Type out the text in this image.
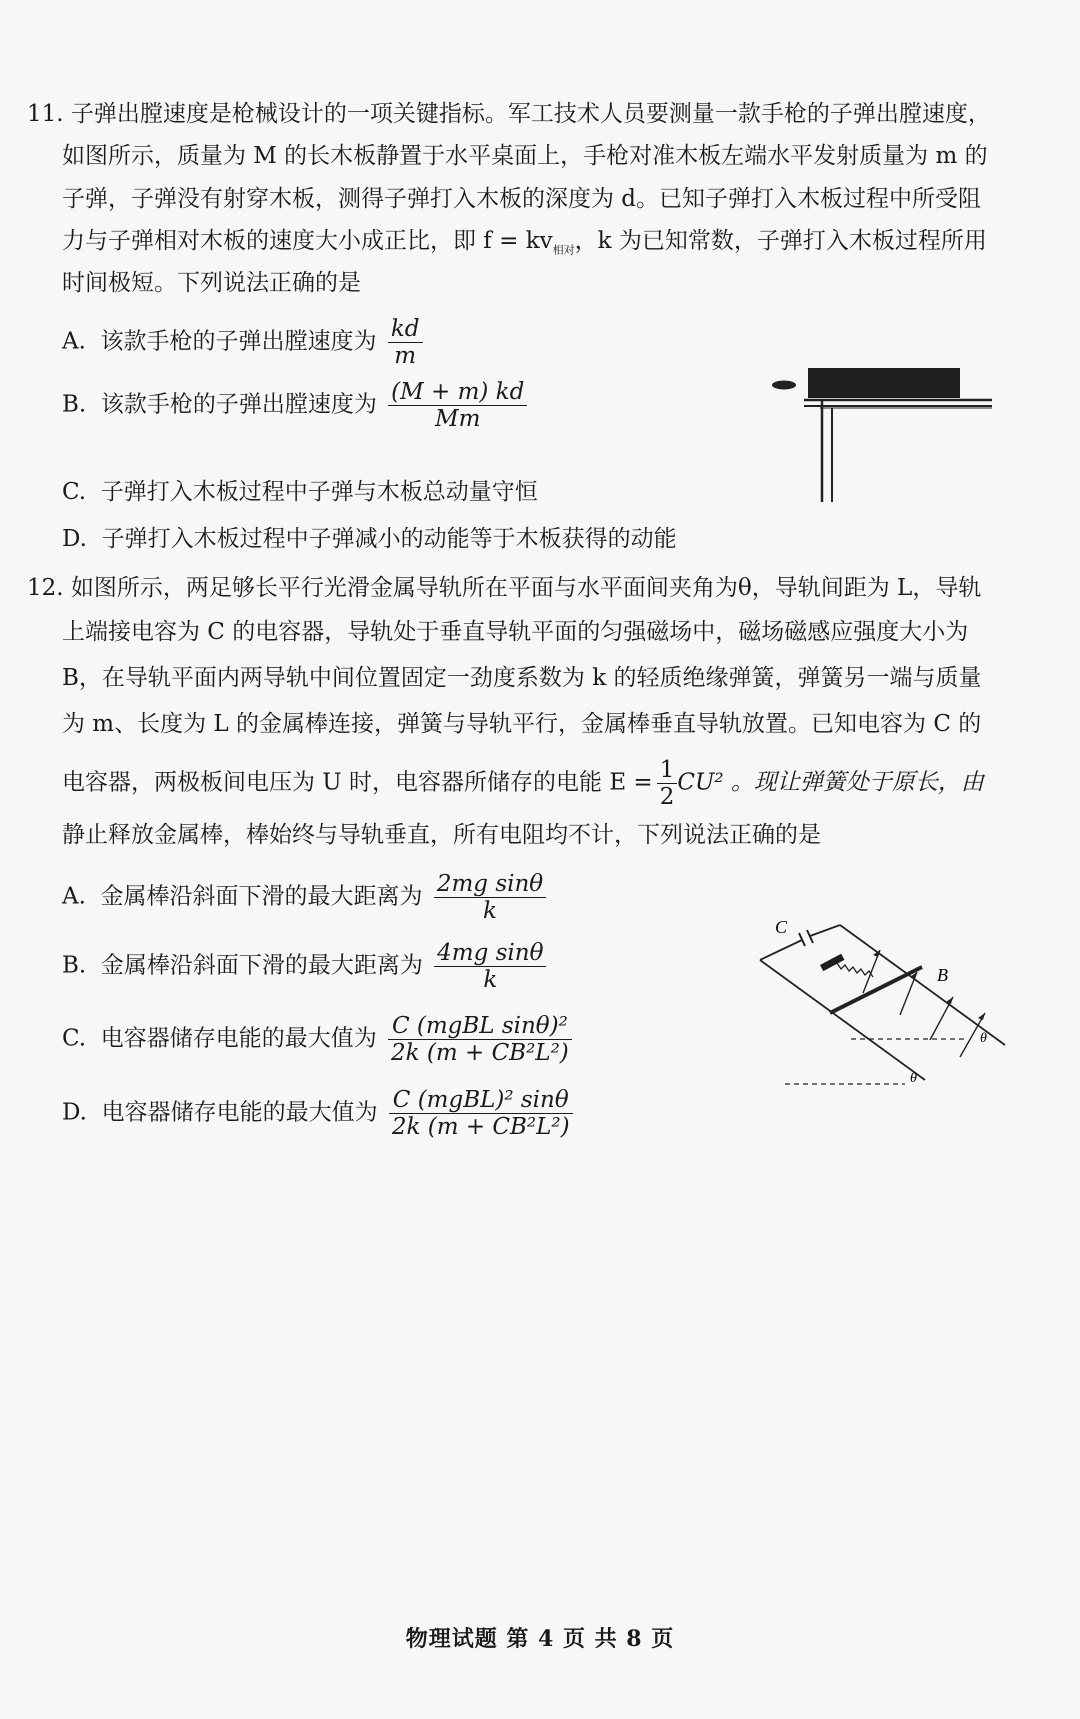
11. 子弹出膛速度是枪械设计的一项关键指标。军工技术人员要测量一款手枪的子弹出膛速度，
如图所示，质量为 M 的长木板静置于水平桌面上，手枪对准木板左端水平发射质量为 m 的
子弹，子弹没有射穿木板，测得子弹打入木板的深度为 d。已知子弹打入木板过程中所受阻
力与子弹相对木板的速度大小成正比，即 $f = kv_{相对}$，k 为已知常数，子弹打入木板过程所用
时间极短。下列说法正确的是
A. 该款手枪的子弹出膛速度为 $\frac{kd}{m}$
B. 该款手枪的子弹出膛速度为 $\frac{(M + m) kd}{Mm}$
C. 子弹打入木板过程中子弹与木板总动量守恒
D. 子弹打入木板过程中子弹减小的动能等于木板获得的动能
12. 如图所示，两足够长平行光滑金属导轨所在平面与水平面间夹角为θ，导轨间距为 L，导轨
上端接电容为 C 的电容器，导轨处于垂直导轨平面的匀强磁场中，磁场磁感应强度大小为
B，在导轨平面内两导轨中间位置固定一劲度系数为 k 的轻质绝缘弹簧，弹簧另一端与质量
为 m、长度为 L 的金属棒连接，弹簧与导轨平行，金属棒垂直导轨放置。已知电容为 C 的
电容器，两极板间电压为 U 时，电容器所储存的电能 $E = \frac{1}{2} CU^2$ 。现让弹簧处于原长，由
静止释放金属棒，棒始终与导轨垂直，所有电阻均不计，下列说法正确的是
A. 金属棒沿斜面下滑的最大距离为 $\frac{\text{2mg sinθ}}{k}$
B. 金属棒沿斜面下滑的最大距离为 $\frac{\text{4mg sinθ}}{k}$
C. 电容器储存电能的最大值为 $\frac{\text{C (mgBL sinθ)²}}{\text{2k (m + CB²L²)}}$
D. 电容器储存电能的最大值为 $\frac{\text{C (mgBL)² sinθ}}{\text{2k (m + CB²L²)}}$
C
B
θ
θ
物理试题 第 4 页 共 8 页
